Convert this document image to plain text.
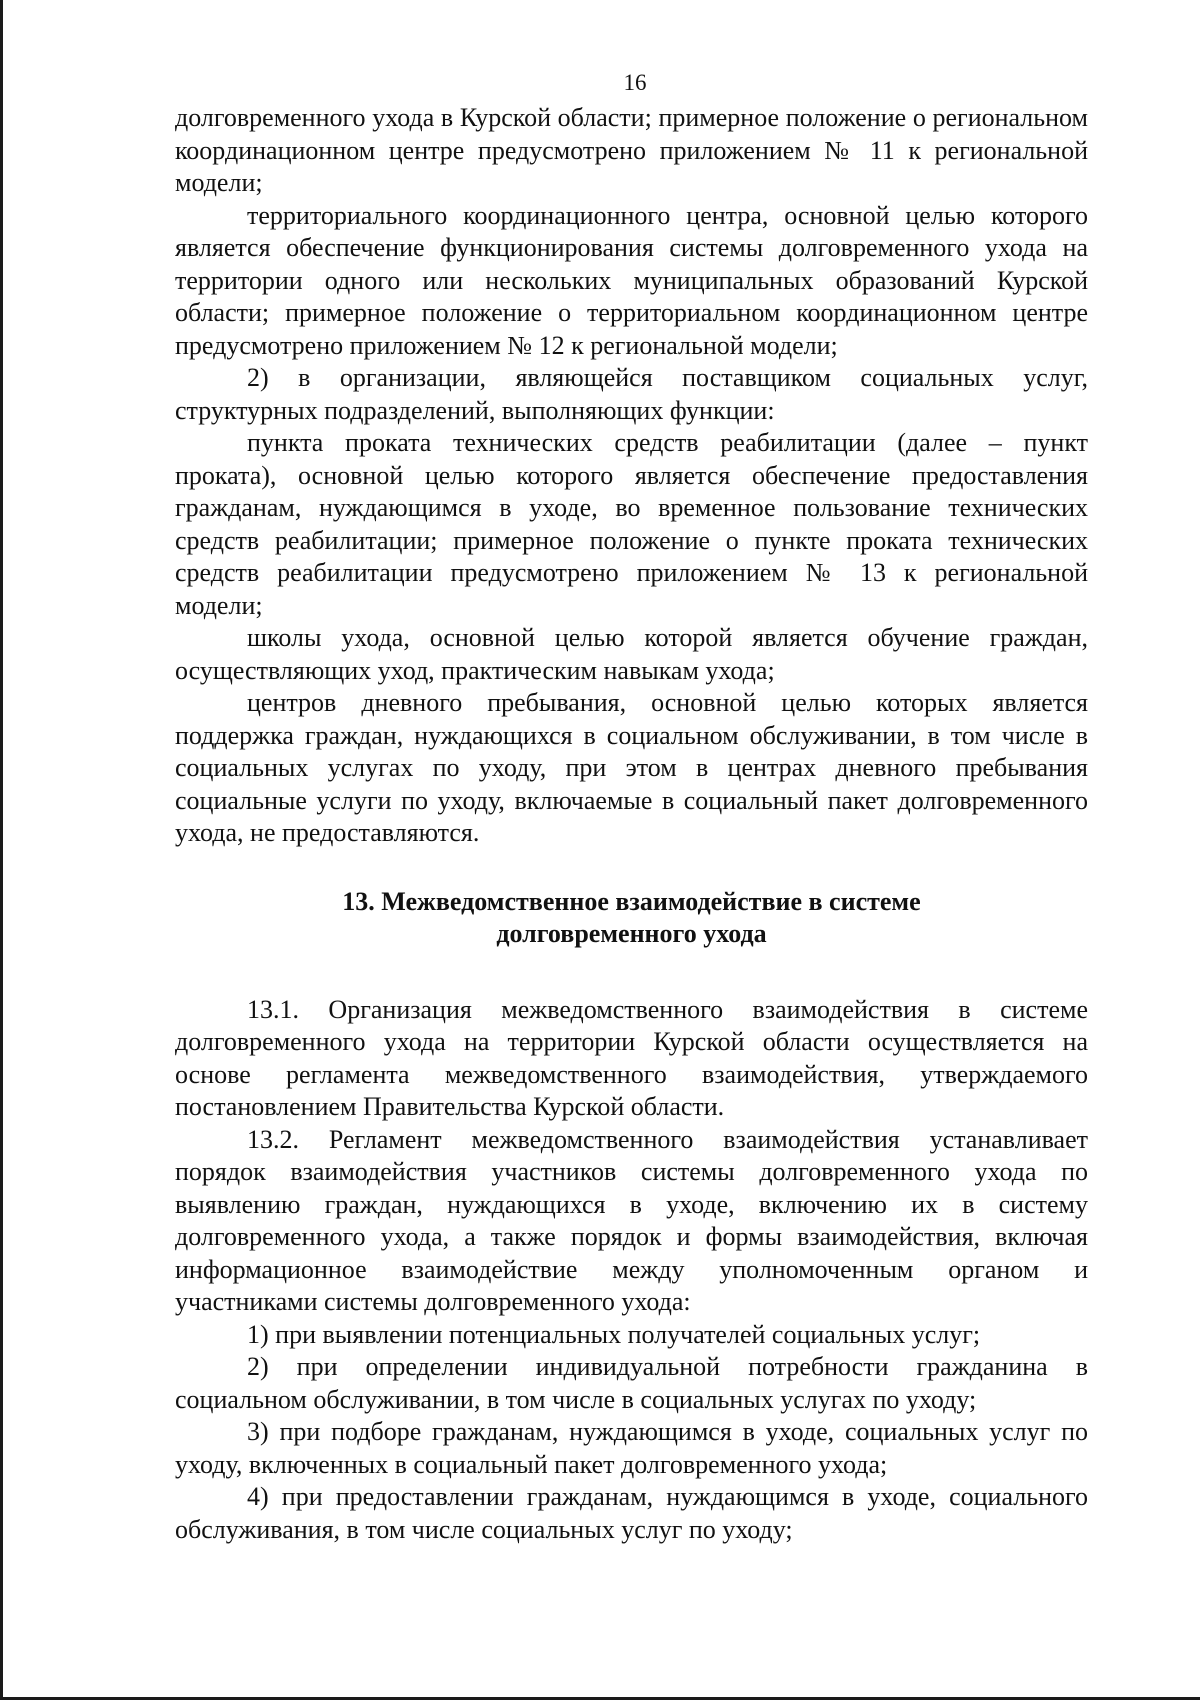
16

долговременного ухода в Курской области; примерное положение о региональном координационном центре предусмотрено приложением № 11 к региональной модели;

территориального координационного центра, основной целью которого является обеспечение функционирования системы долговременного ухода на территории одного или нескольких муниципальных образований Курской области; примерное положение о территориальном координационном центре предусмотрено приложением № 12 к региональной модели;

2) в организации, являющейся поставщиком социальных услуг, структурных подразделений, выполняющих функции:

пункта проката технических средств реабилитации (далее – пункт проката), основной целью которого является обеспечение предоставления гражданам, нуждающимся в уходе, во временное пользование технических средств реабилитации; примерное положение о пункте проката технических средств реабилитации предусмотрено приложением № 13 к региональной модели;

школы ухода, основной целью которой является обучение граждан, осуществляющих уход, практическим навыкам ухода;

центров дневного пребывания, основной целью которых является поддержка граждан, нуждающихся в социальном обслуживании, в том числе в социальных услугах по уходу, при этом в центрах дневного пребывания социальные услуги по уходу, включаемые в социальный пакет долговременного ухода, не предоставляются.

13. Межведомственное взаимодействие в системе

долговременного ухода

13.1. Организация межведомственного взаимодействия в системе долговременного ухода на территории Курской области осуществляется на основе регламента межведомственного взаимодействия, утверждаемого постановлением Правительства Курской области.

13.2. Регламент межведомственного взаимодействия устанавливает порядок взаимодействия участников системы долговременного ухода по выявлению граждан, нуждающихся в уходе, включению их в систему долговременного ухода, а также порядок и формы взаимодействия, включая информационное взаимодействие между уполномоченным органом и участниками системы долговременного ухода:

1) при выявлении потенциальных получателей социальных услуг;

2) при определении индивидуальной потребности гражданина в социальном обслуживании, в том числе в социальных услугах по уходу;

3) при подборе гражданам, нуждающимся в уходе, социальных услуг по уходу, включенных в социальный пакет долговременного ухода;

4) при предоставлении гражданам, нуждающимся в уходе, социального обслуживания, в том числе социальных услуг по уходу;
